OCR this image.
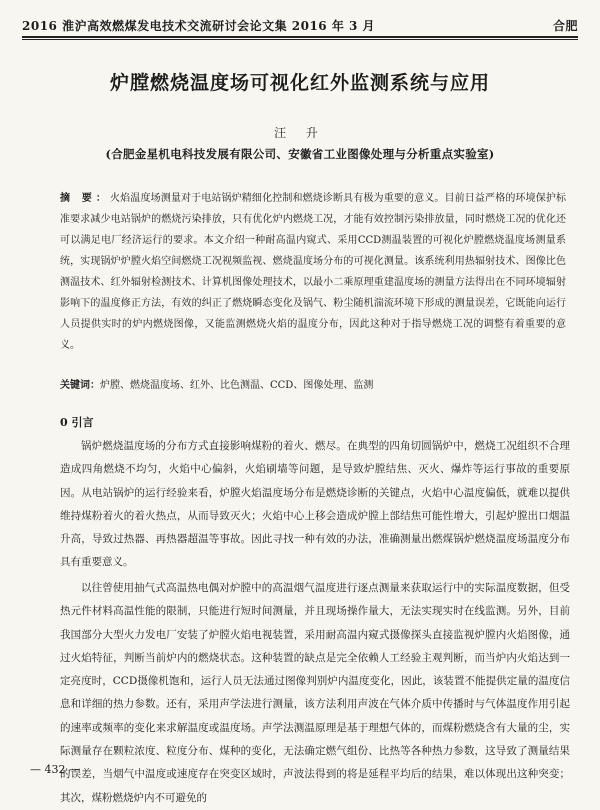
2016 淮沪高效燃煤发电技术交流研讨会论文集 2016 年 3 月	合肥
炉膛燃烧温度场可视化红外监测系统与应用
汪 升
(合肥金星机电科技发展有限公司、安徽省工业图像处理与分析重点实验室)
摘 要：火焰温度场测量对于电站锅炉精细化控制和燃烧诊断具有极为重要的意义。目前日益严格的环境保护标准要求减少电站锅炉的燃烧污染排放，只有优化炉内燃烧工况，才能有效控制污染排放量，同时燃烧工况的优化还可以满足电厂经济运行的要求。本文介绍一种耐高温内窥式、采用CCD测温装置的可视化炉膛燃烧温度场测量系统，实现锅炉炉膛火焰空间燃烧工况视频监视、燃烧温度场分布的可视化测量。该系统利用热辐射技术、图像比色测温技术、红外辐射检测技术、计算机图像处理技术，以最小二乘原理重建温度场的测量方法得出在不同环境辐射影响下的温度修正方法，有效的纠正了燃烧瞬态变化及锅气、粉尘随机湍流环境下形成的测量误差，它既能向运行人员提供实时的炉内燃烧图像，又能监测燃烧火焰的温度分布，因此这种对于指导燃烧工况的调整有着重要的意义。
关键词：炉膛、燃烧温度场、红外、比色测温、CCD、图像处理、监测
0 引言
锅炉燃烧温度场的分布方式直接影响煤粉的着火、燃尽。在典型的四角切圆锅炉中，燃烧工况组织不合理造成四角燃烧不均匀，火焰中心偏斜，火焰刷墙等问题，是导致炉膛结焦、灭火、爆炸等运行事故的重要原因。从电站锅炉的运行经验来看，炉膛火焰温度场分布是燃烧诊断的关键点，火焰中心温度偏低，就难以提供维持煤粉着火的着火热点，从而导致灭火；火焰中心上移会造成炉膛上部结焦可能性增大，引起炉膛出口烟温升高，导致过热器、再热器超温等事故。因此寻找一种有效的办法，准确测量出燃煤锅炉燃烧温度场温度分布具有重要意义。
以往曾使用抽气式高温热电偶对炉膛中的高温烟气温度进行逐点测量来获取运行中的实际温度数据，但受热元件材料高温性能的限制，只能进行短时间测量，并且现场操作量大，无法实现实时在线监测。另外，目前我国部分大型火力发电厂安装了炉膛火焰电视装置，采用耐高温内窥式摄像探头直接监视炉膛内火焰图像，通过火焰特征，判断当前炉内的燃烧状态。这种装置的缺点是完全依赖人工经验主观判断，而当炉内火焰达到一定亮度时，CCD摄像机饱和，运行人员无法通过图像判别炉内温度变化，因此，该装置不能提供定量的温度信息和详细的热力参数。还有，采用声学法进行测量，该方法利用声波在气体介质中传播时与气体温度作用引起的速率或频率的变化来求解温度或温度场。声学法测温原理是基于理想气体的，而煤粉燃烧含有大量的尘，实际测量存在颗粒浓度、粒度分布、煤种的变化，无法确定燃气组份、比热等各种热力参数，这导致了测量结果的误差，当烟气中温度或速度存在突变区域时，声波法得到的将是延程平均后的结果，难以体现出这种突变；其次，煤粉燃烧炉内不可避免的
— 432 —
